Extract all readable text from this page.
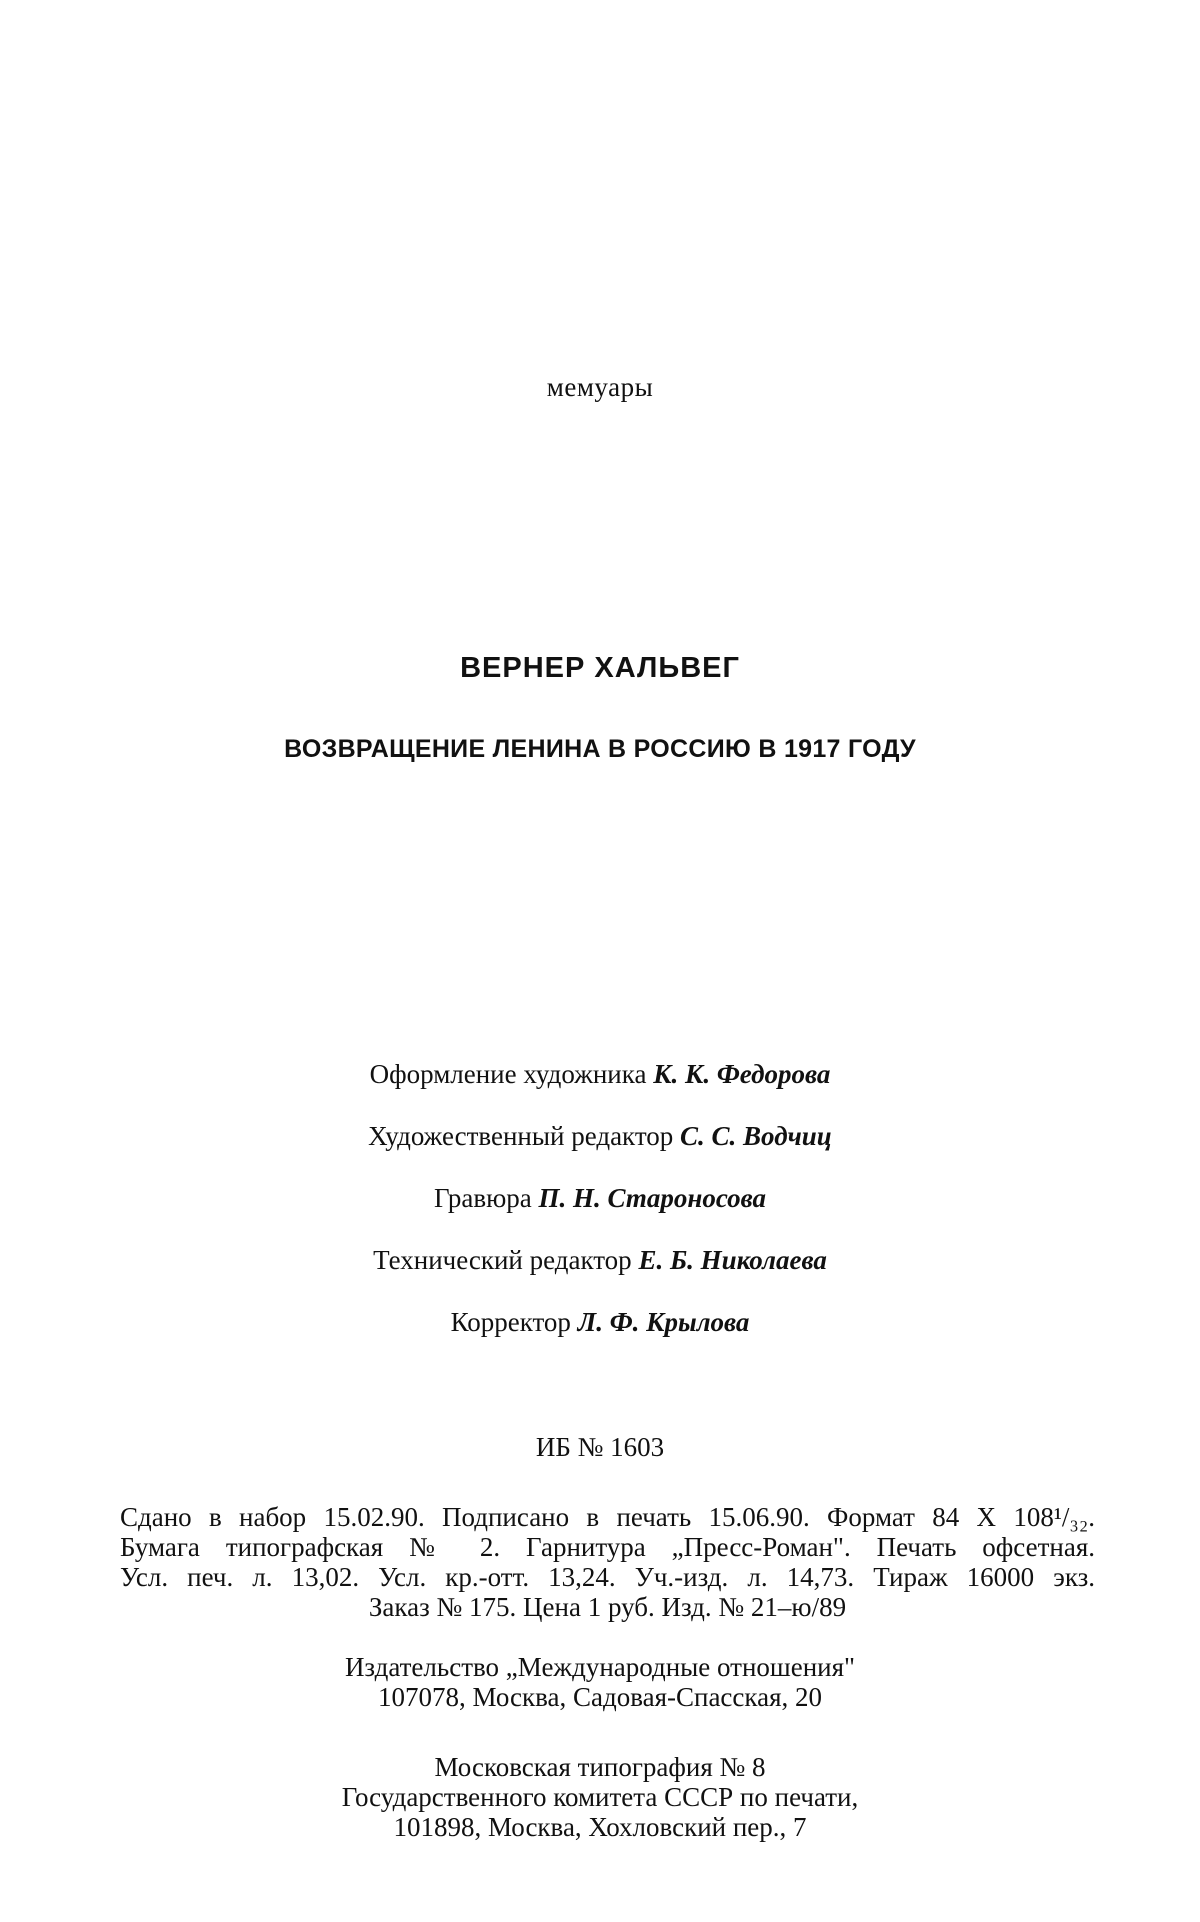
мемуары
ВЕРНЕР ХАЛЬВЕГ
ВОЗВРАЩЕНИЕ ЛЕНИНА В РОССИЮ В 1917 ГОДУ
Оформление художника К. К. Федорова
Художественный редактор С. С. Водчиц
Гравюра П. Н. Староносова
Технический редактор Е. Б. Николаева
Корректор Л. Ф. Крылова
ИБ № 1603
Сдано в набор 15.02.90. Подписано в печать 15.06.90. Формат 84 Х 108¹/₃₂.
Бумага типографская № 2. Гарнитура „Пресс-Роман". Печать офсетная.
Усл. печ. л. 13,02. Усл. кр.-отт. 13,24. Уч.-изд. л. 14,73. Тираж 16000 экз.
Заказ № 175. Цена 1 руб. Изд. № 21–ю/89
Издательство „Международные отношения"
107078, Москва, Садовая-Спасская, 20
Московская типография № 8
Государственного комитета СССР по печати,
101898, Москва, Хохловский пер., 7
